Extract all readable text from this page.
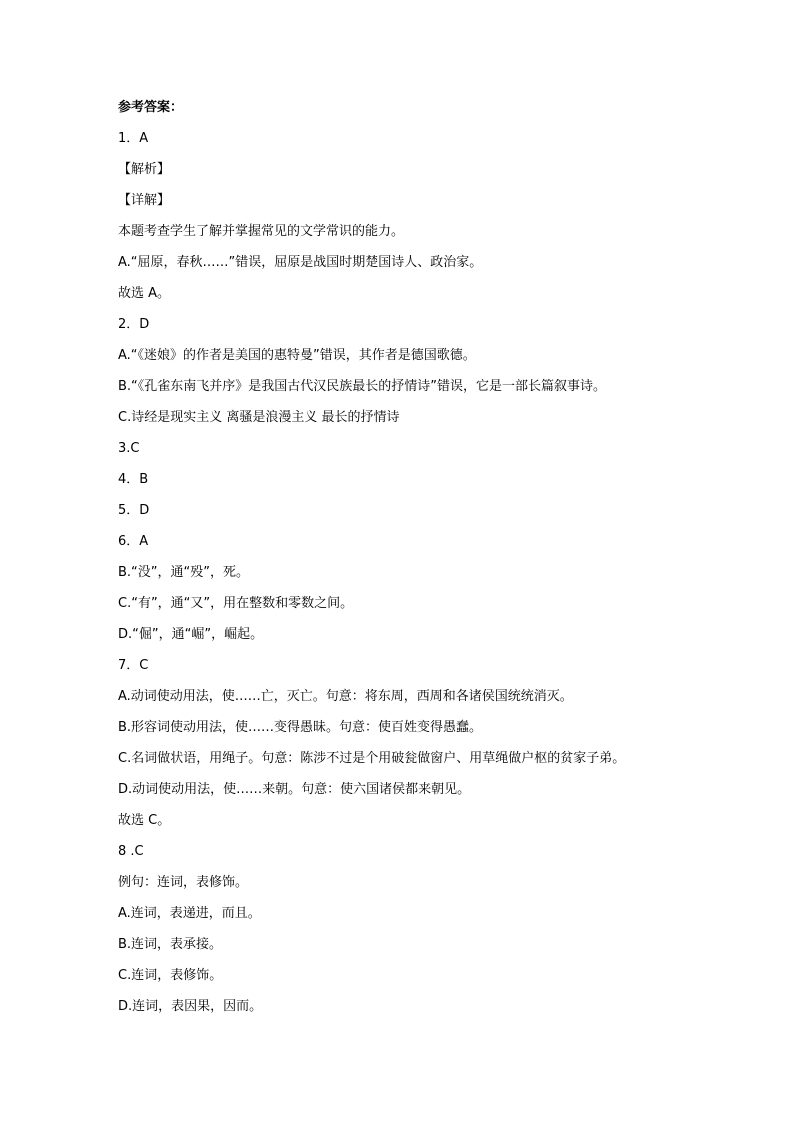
参考答案：
1．A
【解析】
【详解】
本题考查学生了解并掌握常见的文学常识的能力。
A.“屈原，春秋……”错误，屈原是战国时期楚国诗人、政治家。
故选 A。
2．D
A.“《迷娘》的作者是美国的惠特曼”错误，其作者是德国歌德。
B.“《孔雀东南飞并序》是我国古代汉民族最长的抒情诗”错误，它是一部长篇叙事诗。
C.诗经是现实主义 离骚是浪漫主义 最长的抒情诗
3.C
4．B
5．D
6．A
B.“没”，通“殁”，死。
C.“有”，通“又”，用在整数和零数之间。
D.“倔”，通“崛”，崛起。
7．C
A.动词使动用法，使……亡，灭亡。句意：将东周，西周和各诸侯国统统消灭。
B.形容词使动用法，使……变得愚昧。句意：使百姓变得愚蠢。
C.名词做状语，用绳子。句意：陈涉不过是个用破瓮做窗户、用草绳做户枢的贫家子弟。
D.动词使动用法，使……来朝。句意：使六国诸侯都来朝见。
故选 C。
8 .C
例句：连词，表修饰。
A.连词，表递进，而且。
B.连词，表承接。
C.连词，表修饰。
D.连词，表因果，因而。
